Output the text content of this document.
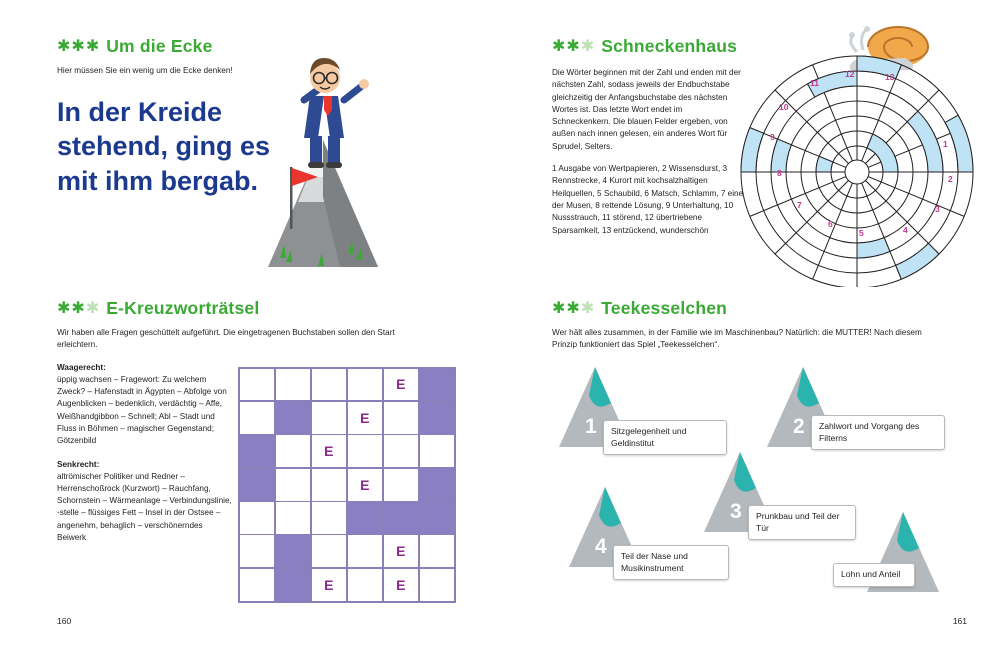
✱✱✱ Um die Ecke
Hier müssen Sie ein wenig um die Ecke denken!
In der Kreide stehend, ging es mit ihm bergab.
✱✱✱ E-Kreuzworträtsel
Wir haben alle Fragen geschüttelt aufgeführt. Die eingetragenen Buchstaben sollen den Start erleichtern.
Waagerecht:
üppig wachsen – Fragewort: Zu welchem Zweck? – Hafenstadt in Ägypten – Abfolge von Augenblicken – bedenklich, verdächtig – Affe, Weißhandgibbon – Schnell; Abl – Stadt und Fluss in Böhmen – magischer Gegenstand; Götzenbild
Senkrecht:
altrömischer Politiker und Redner – Herrenschoßrock (Kurzwort) – Rauchfang, Schornstein – Wärmeanlage – Verbindungslinie, -stelle – flüssiges Fett – Insel in der Ostsee – angenehm, behaglich – verschönerndes Beiwerk
E
E
E
E
E
E	E
160
✱✱✱ Schneckenhaus
Die Wörter beginnen mit der Zahl und enden mit der nächsten Zahl, sodass jeweils der Endbuchstabe gleichzeitig der Anfangsbuchstabe des nächsten Wortes ist. Das letzte Wort endet im Schneckenkern. Die blauen Felder ergeben, von außen nach innen gelesen, ein anderes Wort für Sprudel, Selters.
1 Ausgabe von Wertpapieren, 2 Wissensdurst, 3 Rennstrecke, 4 Kurort mit kochsalzhaltigen Heilquellen, 5 Schaubild, 6 Matsch, Schlamm, 7 eine der Musen, 8 rettende Lösung, 9 Unterhaltung, 10 Nussstrauch, 11 störend, 12 übertriebene Sparsamkeit, 13 entzückend, wunderschön
1
2
3
4
5
6
7
8
9
10
11
12	13
✱✱✱ Teekesselchen
Wer hält alles zusammen, in der Familie wie im Maschinenbau? Natürlich: die MUTTER! Nach diesem Prinzip funktioniert das Spiel „Teekesselchen“.
1	Sitzgelegenheit und Geldinstitut
2	Zahlwort und Vorgang des Filterns
3	Prunkbau und Teil der Tür
4	Teil der Nase und Musikinstrument
Lohn und Anteil
161
